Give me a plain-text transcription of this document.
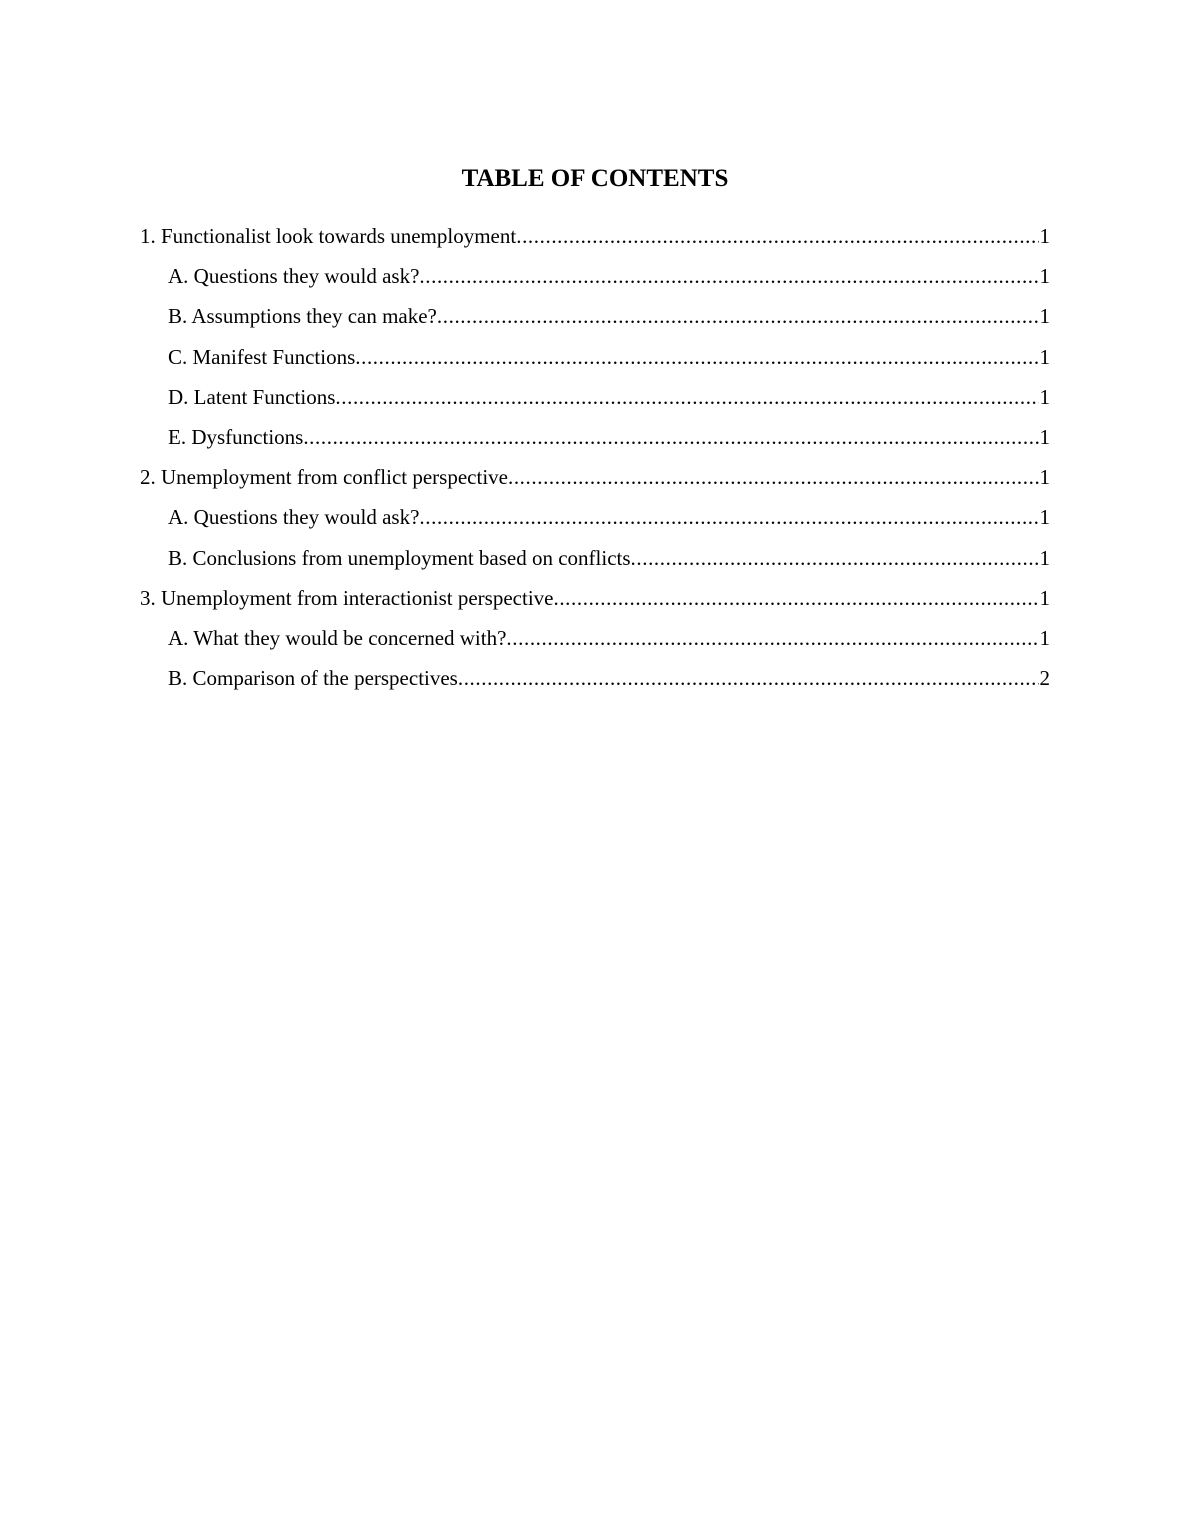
TABLE OF CONTENTS
1. Functionalist look towards unemployment .....	1
A. Questions they would ask? .....	1
B. Assumptions they can make? .....	1
C. Manifest Functions .....	1
D. Latent Functions .....	1
E. Dysfunctions .....	1
2. Unemployment from conflict perspective .....	1
A. Questions they would ask? .....	1
B. Conclusions from unemployment based on conflicts .....	1
3. Unemployment from interactionist perspective .....	1
A. What they would be concerned with? .....	1
B. Comparison of the perspectives .....	2
